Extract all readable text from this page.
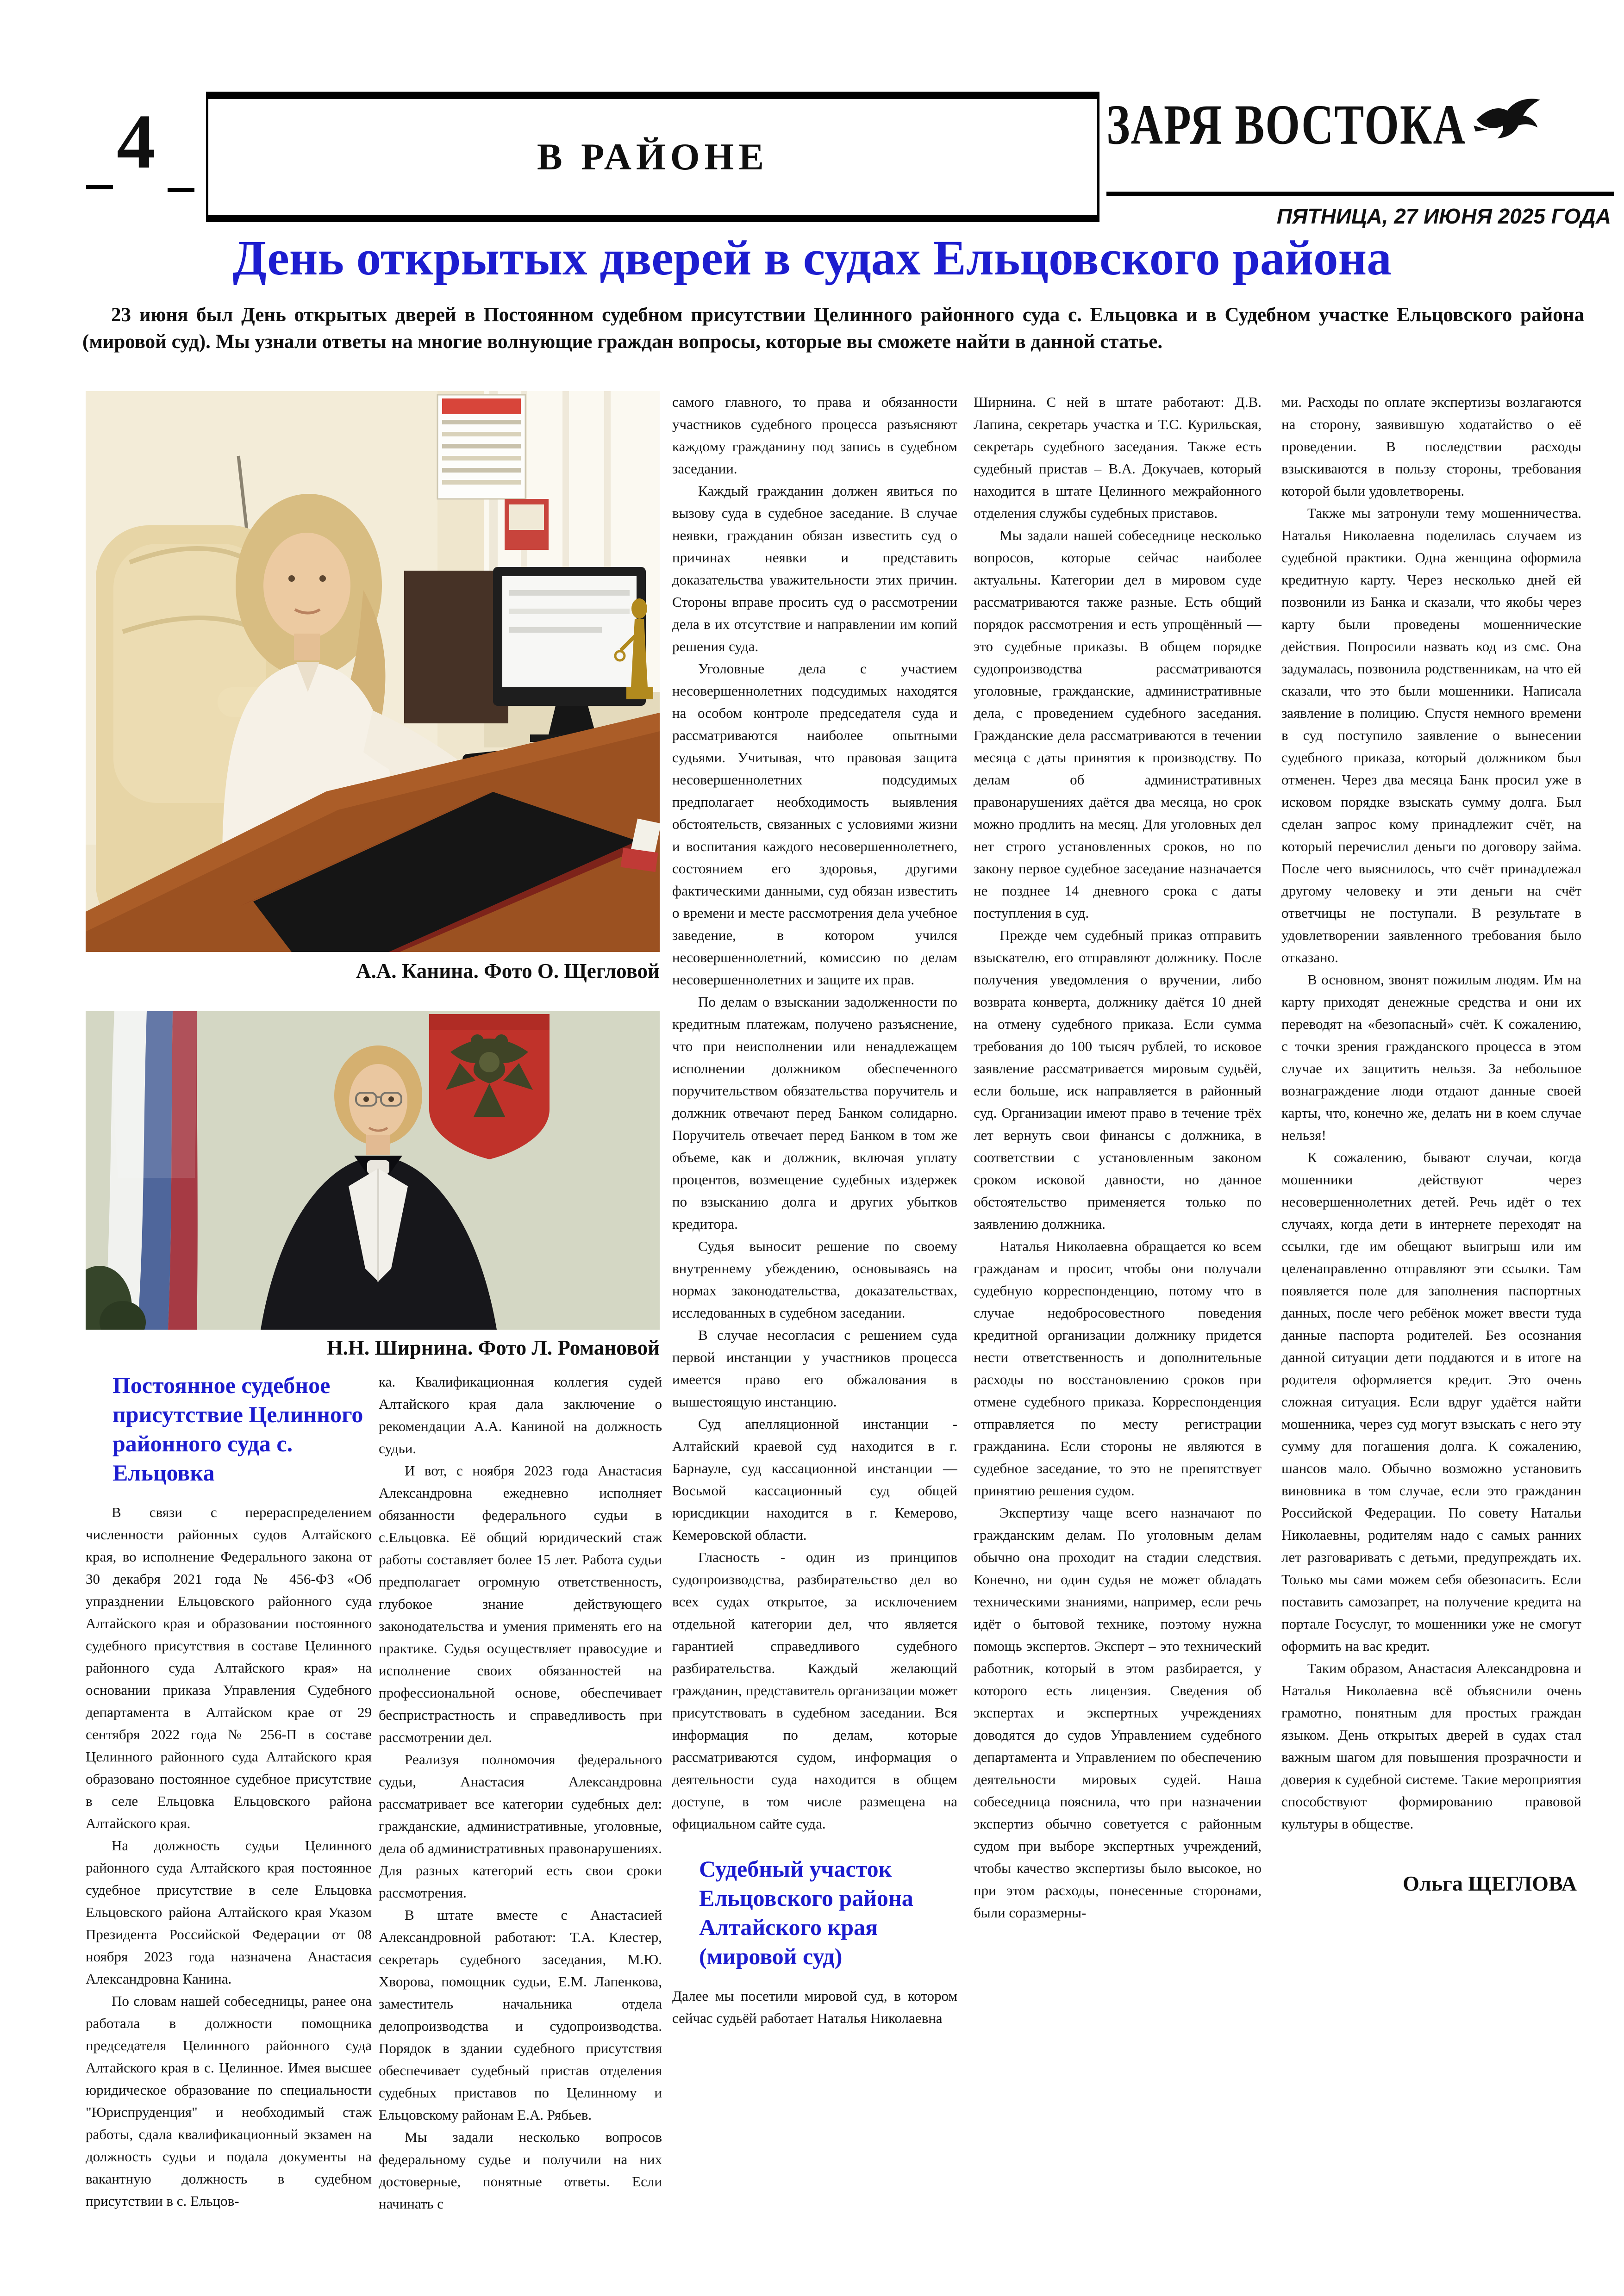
4	В РАЙОНЕ
ЗАРЯ ВОСТОКА
ПЯТНИЦА, 27 ИЮНЯ 2025 ГОДА
День открытых дверей в судах Ельцовского района
23 июня был День открытых дверей в Постоянном судебном присутствии Целинного районного суда с. Ельцовка и в Судебном участке Ельцовского района (мировой суд). Мы узнали ответы на многие волнующие граждан вопросы, которые вы сможете найти в данной статье.
А.А. Канина. Фото О. Щегловой
Н.Н. Ширнина. Фото Л. Романовой
Постоянное судебное присутствие Целинного районного суда с. Ельцовка

В связи с перераспределением численности районных судов Алтайского края, во исполнение Федерального закона от 30 декабря 2021 года № 456-ФЗ «Об упразднении Ельцовского районного суда Алтайского края и образовании постоянного судебного присутствия в составе Целинного районного суда Алтайского края» на основании приказа Управления Судебного департамента в Алтайском крае от 29 сентября 2022 года № 256-П в составе Целинного районного суда Алтайского края образовано постоянное судебное присутствие в селе Ельцовка Ельцовского района Алтайского края.

На должность судьи Целинного районного суда Алтайского края постоянное судебное присутствие в селе Ельцовка Ельцовского района Алтайского края Указом Президента Российской Федерации от 08 ноября 2023 года назначена Анастасия Александровна Канина.

По словам нашей собеседницы, ранее она работала в должности помощника председателя Целинного районного суда Алтайского края в с. Целинное. Имея высшее юридическое образование по специальности "Юриспруденция" и необходимый стаж работы, сдала квалификационный экзамен на должность судьи и подала документы на вакантную должность в судебном присутствии в с. Ельцов-

ка. Квалификационная коллегия судей Алтайского края дала заключение о рекомендации А.А. Каниной на должность судьи.

И вот, с ноября 2023 года Анастасия Александровна ежедневно исполняет обязанности федерального судьи в с.Ельцовка. Её общий юридический стаж работы составляет более 15 лет. Работа судьи предполагает огромную ответственность, глубокое знание действующего законодательства и умения применять его на практике. Судья осуществляет правосудие и исполнение своих обязанностей на профессиональной основе, обеспечивает беспристрастность и справедливость при рассмотрении дел.

Реализуя полномочия федерального судьи, Анастасия Александровна рассматривает все категории судебных дел: гражданские, административные, уголовные, дела об административных правонарушениях. Для разных категорий есть свои сроки рассмотрения.

В штате вместе с Анастасией Александровной работают: Т.А. Клестер, секретарь судебного заседания, М.Ю. Хворова, помощник судьи, Е.М. Лапенкова, заместитель начальника отдела делопроизводства и судопроизводства. Порядок в здании судебного присутствия обеспечивает судебный пристав отделения судебных приставов по Целинному и Ельцовскому районам Е.А. Рябьев.

Мы задали несколько вопросов федеральному судье и получили на них достоверные, понятные ответы. Если начинать с

самого главного, то права и обязанности участников судебного процесса разъясняют каждому гражданину под запись в судебном заседании.

Каждый гражданин должен явиться по вызову суда в судебное заседание. В случае неявки, гражданин обязан известить суд о причинах неявки и представить доказательства уважительности этих причин. Стороны вправе просить суд о рассмотрении дела в их отсутствие и направлении им копий решения суда.

Уголовные дела с участием несовершеннолетних подсудимых находятся на особом контроле председателя суда и рассматриваются наиболее опытными судьями. Учитывая, что правовая защита несовершеннолетних подсудимых предполагает необходимость выявления обстоятельств, связанных с условиями жизни и воспитания каждого несовершеннолетнего, состоянием его здоровья, другими фактическими данными, суд обязан известить о времени и месте рассмотрения дела учебное заведение, в котором учился несовершеннолетний, комиссию по делам несовершеннолетних и защите их прав.

По делам о взыскании задолженности по кредитным платежам, получено разъяснение, что при неисполнении или ненадлежащем исполнении должником обеспеченного поручительством обязательства поручитель и должник отвечают перед Банком солидарно. Поручитель отвечает перед Банком в том же объеме, как и должник, включая уплату процентов, возмещение судебных издержек по взысканию долга и других убытков кредитора.

Судья выносит решение по своему внутреннему убеждению, основываясь на нормах законодательства, доказательствах, исследованных в судебном заседании.

В случае несогласия с решением суда первой инстанции у участников процесса имеется право его обжалования в вышестоящую инстанцию.

Суд апелляционной инстанции - Алтайский краевой суд находится в г. Барнауле, суд кассационной инстанции — Восьмой кассационный суд общей юрисдикции находится в г. Кемерово, Кемеровской области.

Гласность - один из принципов судопроизводства, разбирательство дел во всех судах открытое, за исключением отдельной категории дел, что является гарантией справедливого судебного разбирательства. Каждый желающий гражданин, представитель организации может присутствовать в судебном заседании. Вся информация по делам, которые рассматриваются судом, информация о деятельности суда находится в общем доступе, в том числе размещена на официальном сайте суда.

Судебный участок Ельцовского района Алтайского края (мировой суд)

Далее мы посетили мировой суд, в котором сейчас судьёй работает Наталья Николаевна

Ширнина. С ней в штате работают: Д.В. Лапина, секретарь участка и Т.С. Курильская, секретарь судебного заседания. Также есть судебный пристав – В.А. Докучаев, который находится в штате Целинного межрайонного отделения службы судебных приставов.

Мы задали нашей собеседнице несколько вопросов, которые сейчас наиболее актуальны. Категории дел в мировом суде рассматриваются также разные. Есть общий порядок рассмотрения и есть упрощённый — это судебные приказы. В общем порядке судопроизводства рассматриваются уголовные, гражданские, административные дела, с проведением судебного заседания. Гражданские дела рассматриваются в течении месяца с даты принятия к производству. По делам об административных правонарушениях даётся два месяца, но срок можно продлить на месяц. Для уголовных дел нет строго установленных сроков, но по закону первое судебное заседание назначается не позднее 14 дневного срока с даты поступления в суд.

Прежде чем судебный приказ отправить взыскателю, его отправляют должнику. После получения уведомления о вручении, либо возврата конверта, должнику даётся 10 дней на отмену судебного приказа. Если сумма требования до 100 тысяч рублей, то исковое заявление рассматривается мировым судьёй, если больше, иск направляется в районный суд. Организации имеют право в течение трёх лет вернуть свои финансы с должника, в соответствии с установленным законом сроком исковой давности, но данное обстоятельство применяется только по заявлению должника.

Наталья Николаевна обращается ко всем гражданам и просит, чтобы они получали судебную корреспонденцию, потому что в случае недобросовестного поведения кредитной организации должнику придется нести ответственность и дополнительные расходы по восстановлению сроков при отмене судебного приказа. Корреспонденция отправляется по месту регистрации гражданина. Если стороны не являются в судебное заседание, то это не препятствует принятию решения судом.

Экспертизу чаще всего назначают по гражданским делам. По уголовным делам обычно она проходит на стадии следствия. Конечно, ни один судья не может обладать техническими знаниями, например, если речь идёт о бытовой технике, поэтому нужна помощь экспертов. Эксперт – это технический работник, который в этом разбирается, у которого есть лицензия. Сведения об экспертах и экспертных учреждениях доводятся до судов Управлением судебного департамента и Управлением по обеспечению деятельности мировых судей. Наша собеседница пояснила, что при назначении экспертиз обычно советуется с районным судом при выборе экспертных учреждений, чтобы качество экспертизы было высокое, но при этом расходы, понесенные сторонами, были соразмерны-

ми. Расходы по оплате экспертизы возлагаются на сторону, заявившую ходатайство о её проведении. В последствии расходы взыскиваются в пользу стороны, требования которой были удовлетворены.

Также мы затронули тему мошенничества. Наталья Николаевна поделилась случаем из судебной практики. Одна женщина оформила кредитную карту. Через несколько дней ей позвонили из Банка и сказали, что якобы через карту были проведены мошеннические действия. Попросили назвать код из смс. Она задумалась, позвонила родственникам, на что ей сказали, что это были мошенники. Написала заявление в полицию. Спустя немного времени в суд поступило заявление о вынесении судебного приказа, который должником был отменен. Через два месяца Банк просил уже в исковом порядке взыскать сумму долга. Был сделан запрос кому принадлежит счёт, на который перечислил деньги по договору займа. После чего выяснилось, что счёт принадлежал другому человеку и эти деньги на счёт ответчицы не поступали. В результате в удовлетворении заявленного требования было отказано.

В основном, звонят пожилым людям. Им на карту приходят денежные средства и они их переводят на «безопасный» счёт. К сожалению, с точки зрения гражданского процесса в этом случае их защитить нельзя. За небольшое вознаграждение люди отдают данные своей карты, что, конечно же, делать ни в коем случае нельзя!

К сожалению, бывают случаи, когда мошенники действуют через несовершеннолетних детей. Речь идёт о тех случаях, когда дети в интернете переходят на ссылки, где им обещают выигрыш или им целенаправленно отправляют эти ссылки. Там появляется поле для заполнения паспортных данных, после чего ребёнок может ввести туда данные паспорта родителей. Без осознания данной ситуации дети поддаются и в итоге на родителя оформляется кредит. Это очень сложная ситуация. Если вдруг удаётся найти мошенника, через суд могут взыскать с него эту сумму для погашения долга. К сожалению, шансов мало. Обычно возможно установить виновника в том случае, если это гражданин Российской Федерации. По совету Натальи Николаевны, родителям надо с самых ранних лет разговаривать с детьми, предупреждать их. Только мы сами можем себя обезопасить. Если поставить самозапрет, на получение кредита на портале Госуслуг, то мошенники уже не смогут оформить на вас кредит.

Таким образом, Анастасия Александровна и Наталья Николаевна всё объяснили очень грамотно, понятным для простых граждан языком. День открытых дверей в судах стал важным шагом для повышения прозрачности и доверия к судебной системе. Такие мероприятия способствуют формированию правовой культуры в обществе.

Ольга ЩЕГЛОВА
